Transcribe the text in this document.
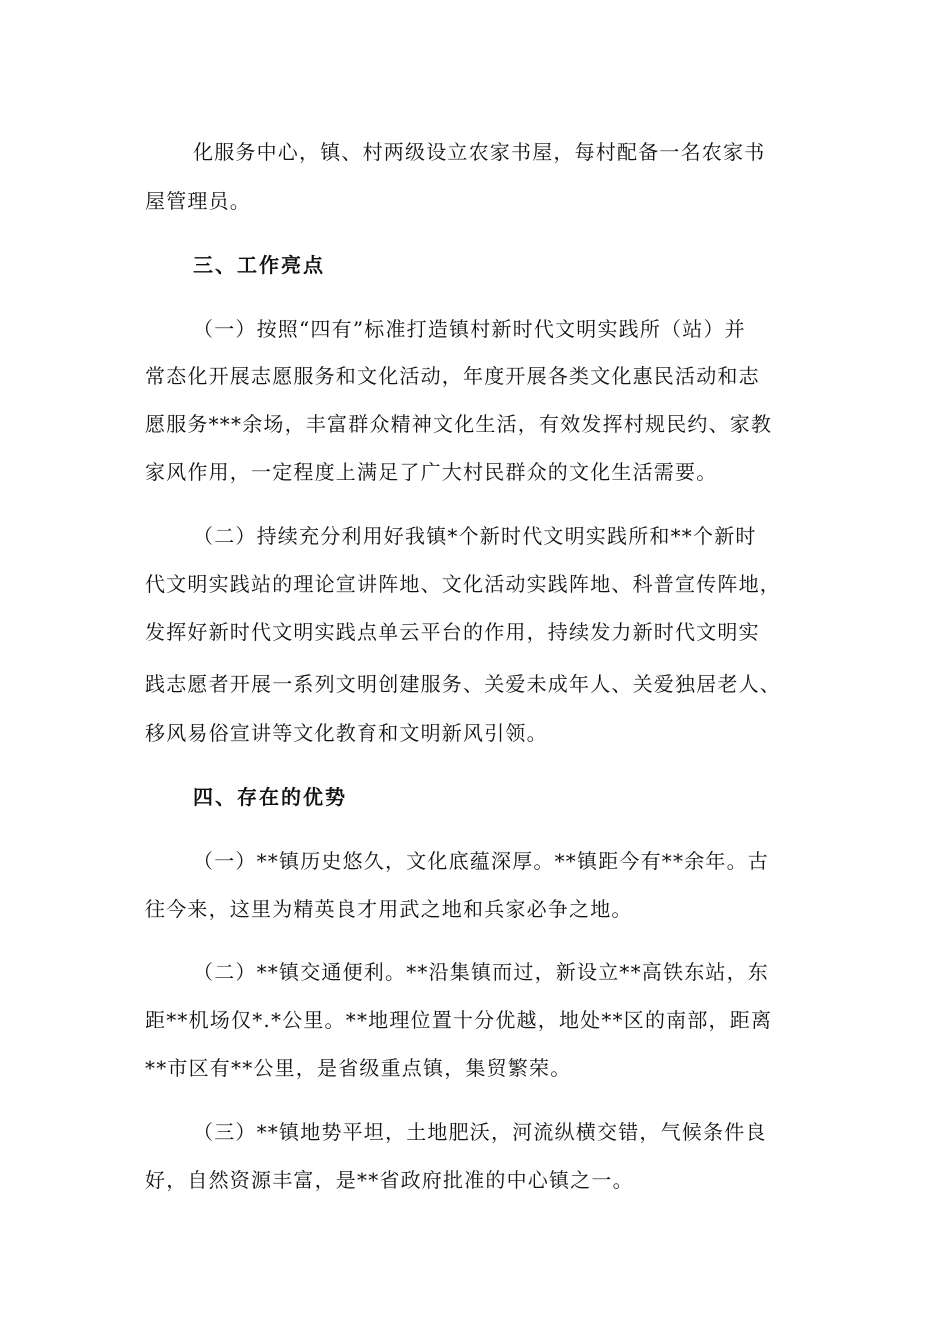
化服务中心，镇、村两级设立农家书屋，每村配备一名农家书
屋管理员。
三、工作亮点
（一）按照“四有”标准打造镇村新时代文明实践所（站）并
常态化开展志愿服务和文化活动，年度开展各类文化惠民活动和志
愿服务***余场，丰富群众精神文化生活，有效发挥村规民约、家教
家风作用，一定程度上满足了广大村民群众的文化生活需要。
（二）持续充分利用好我镇*个新时代文明实践所和**个新时
代文明实践站的理论宣讲阵地、文化活动实践阵地、科普宣传阵地，
发挥好新时代文明实践点单云平台的作用，持续发力新时代文明实
践志愿者开展一系列文明创建服务、关爱未成年人、关爱独居老人、
移风易俗宣讲等文化教育和文明新风引领。
四、存在的优势
（一）**镇历史悠久，文化底蕴深厚。**镇距今有**余年。古
往今来，这里为精英良才用武之地和兵家必争之地。
（二）**镇交通便利。**沿集镇而过，新设立**高铁东站，东
距**机场仅*.*公里。**地理位置十分优越，地处**区的南部，距离
**市区有**公里，是省级重点镇，集贸繁荣。
（三）**镇地势平坦，土地肥沃，河流纵横交错，气候条件良
好，自然资源丰富，是**省政府批准的中心镇之一。
